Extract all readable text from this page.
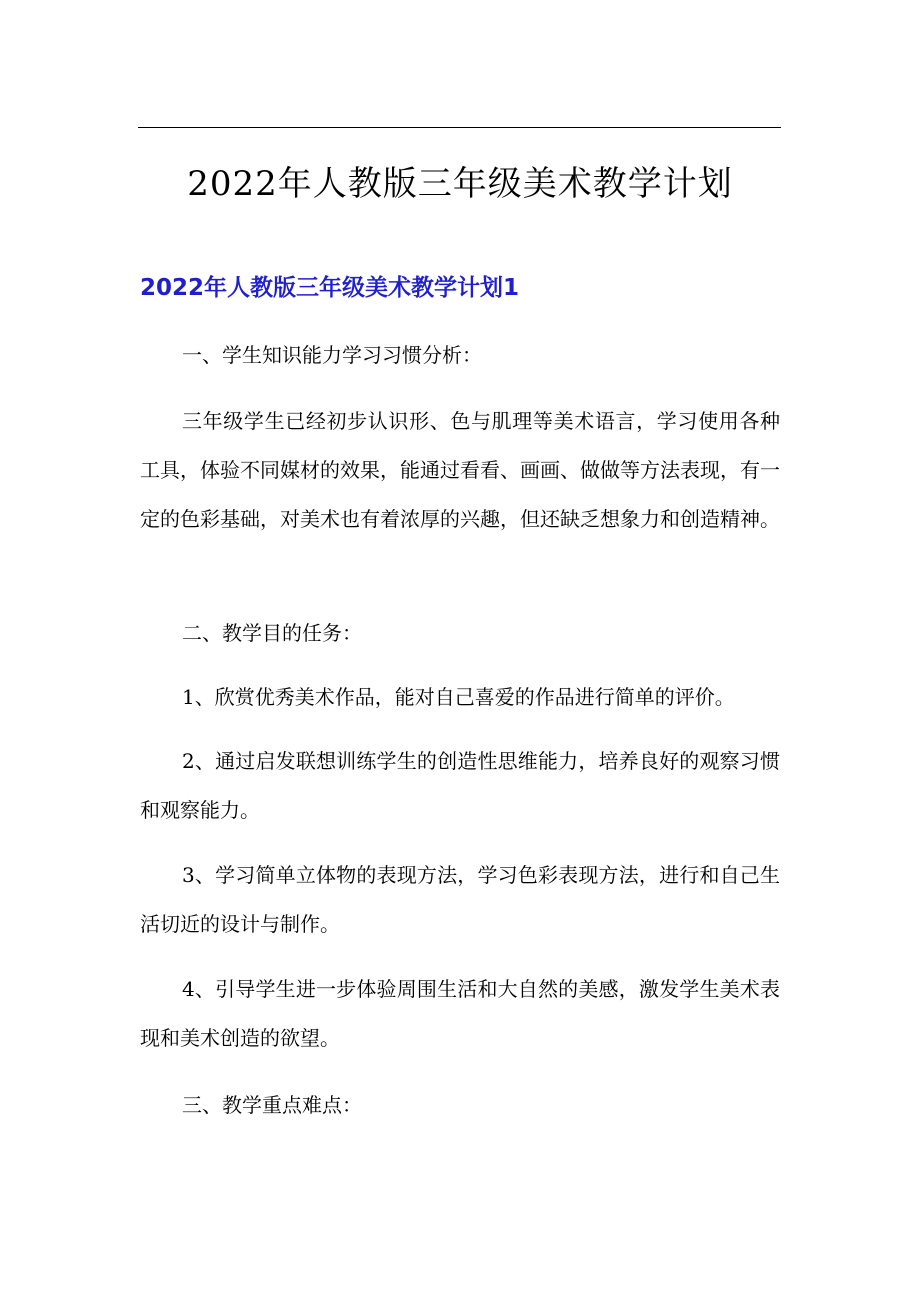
2022年人教版三年级美术教学计划
2022年人教版三年级美术教学计划1

一、学生知识能力学习习惯分析：

三年级学生已经初步认识形、色与肌理等美术语言，学习使用各种工具，体验不同媒材的效果，能通过看看、画画、做做等方法表现，有一定的色彩基础，对美术也有着浓厚的兴趣，但还缺乏想象力和创造精神。

二、教学目的任务：

1、欣赏优秀美术作品，能对自己喜爱的作品进行简单的评价。

2、通过启发联想训练学生的创造性思维能力，培养良好的观察习惯和观察能力。

3、学习简单立体物的表现方法，学习色彩表现方法，进行和自己生活切近的设计与制作。

4、引导学生进一步体验周围生活和大自然的美感，激发学生美术表现和美术创造的欲望。

三、教学重点难点：
